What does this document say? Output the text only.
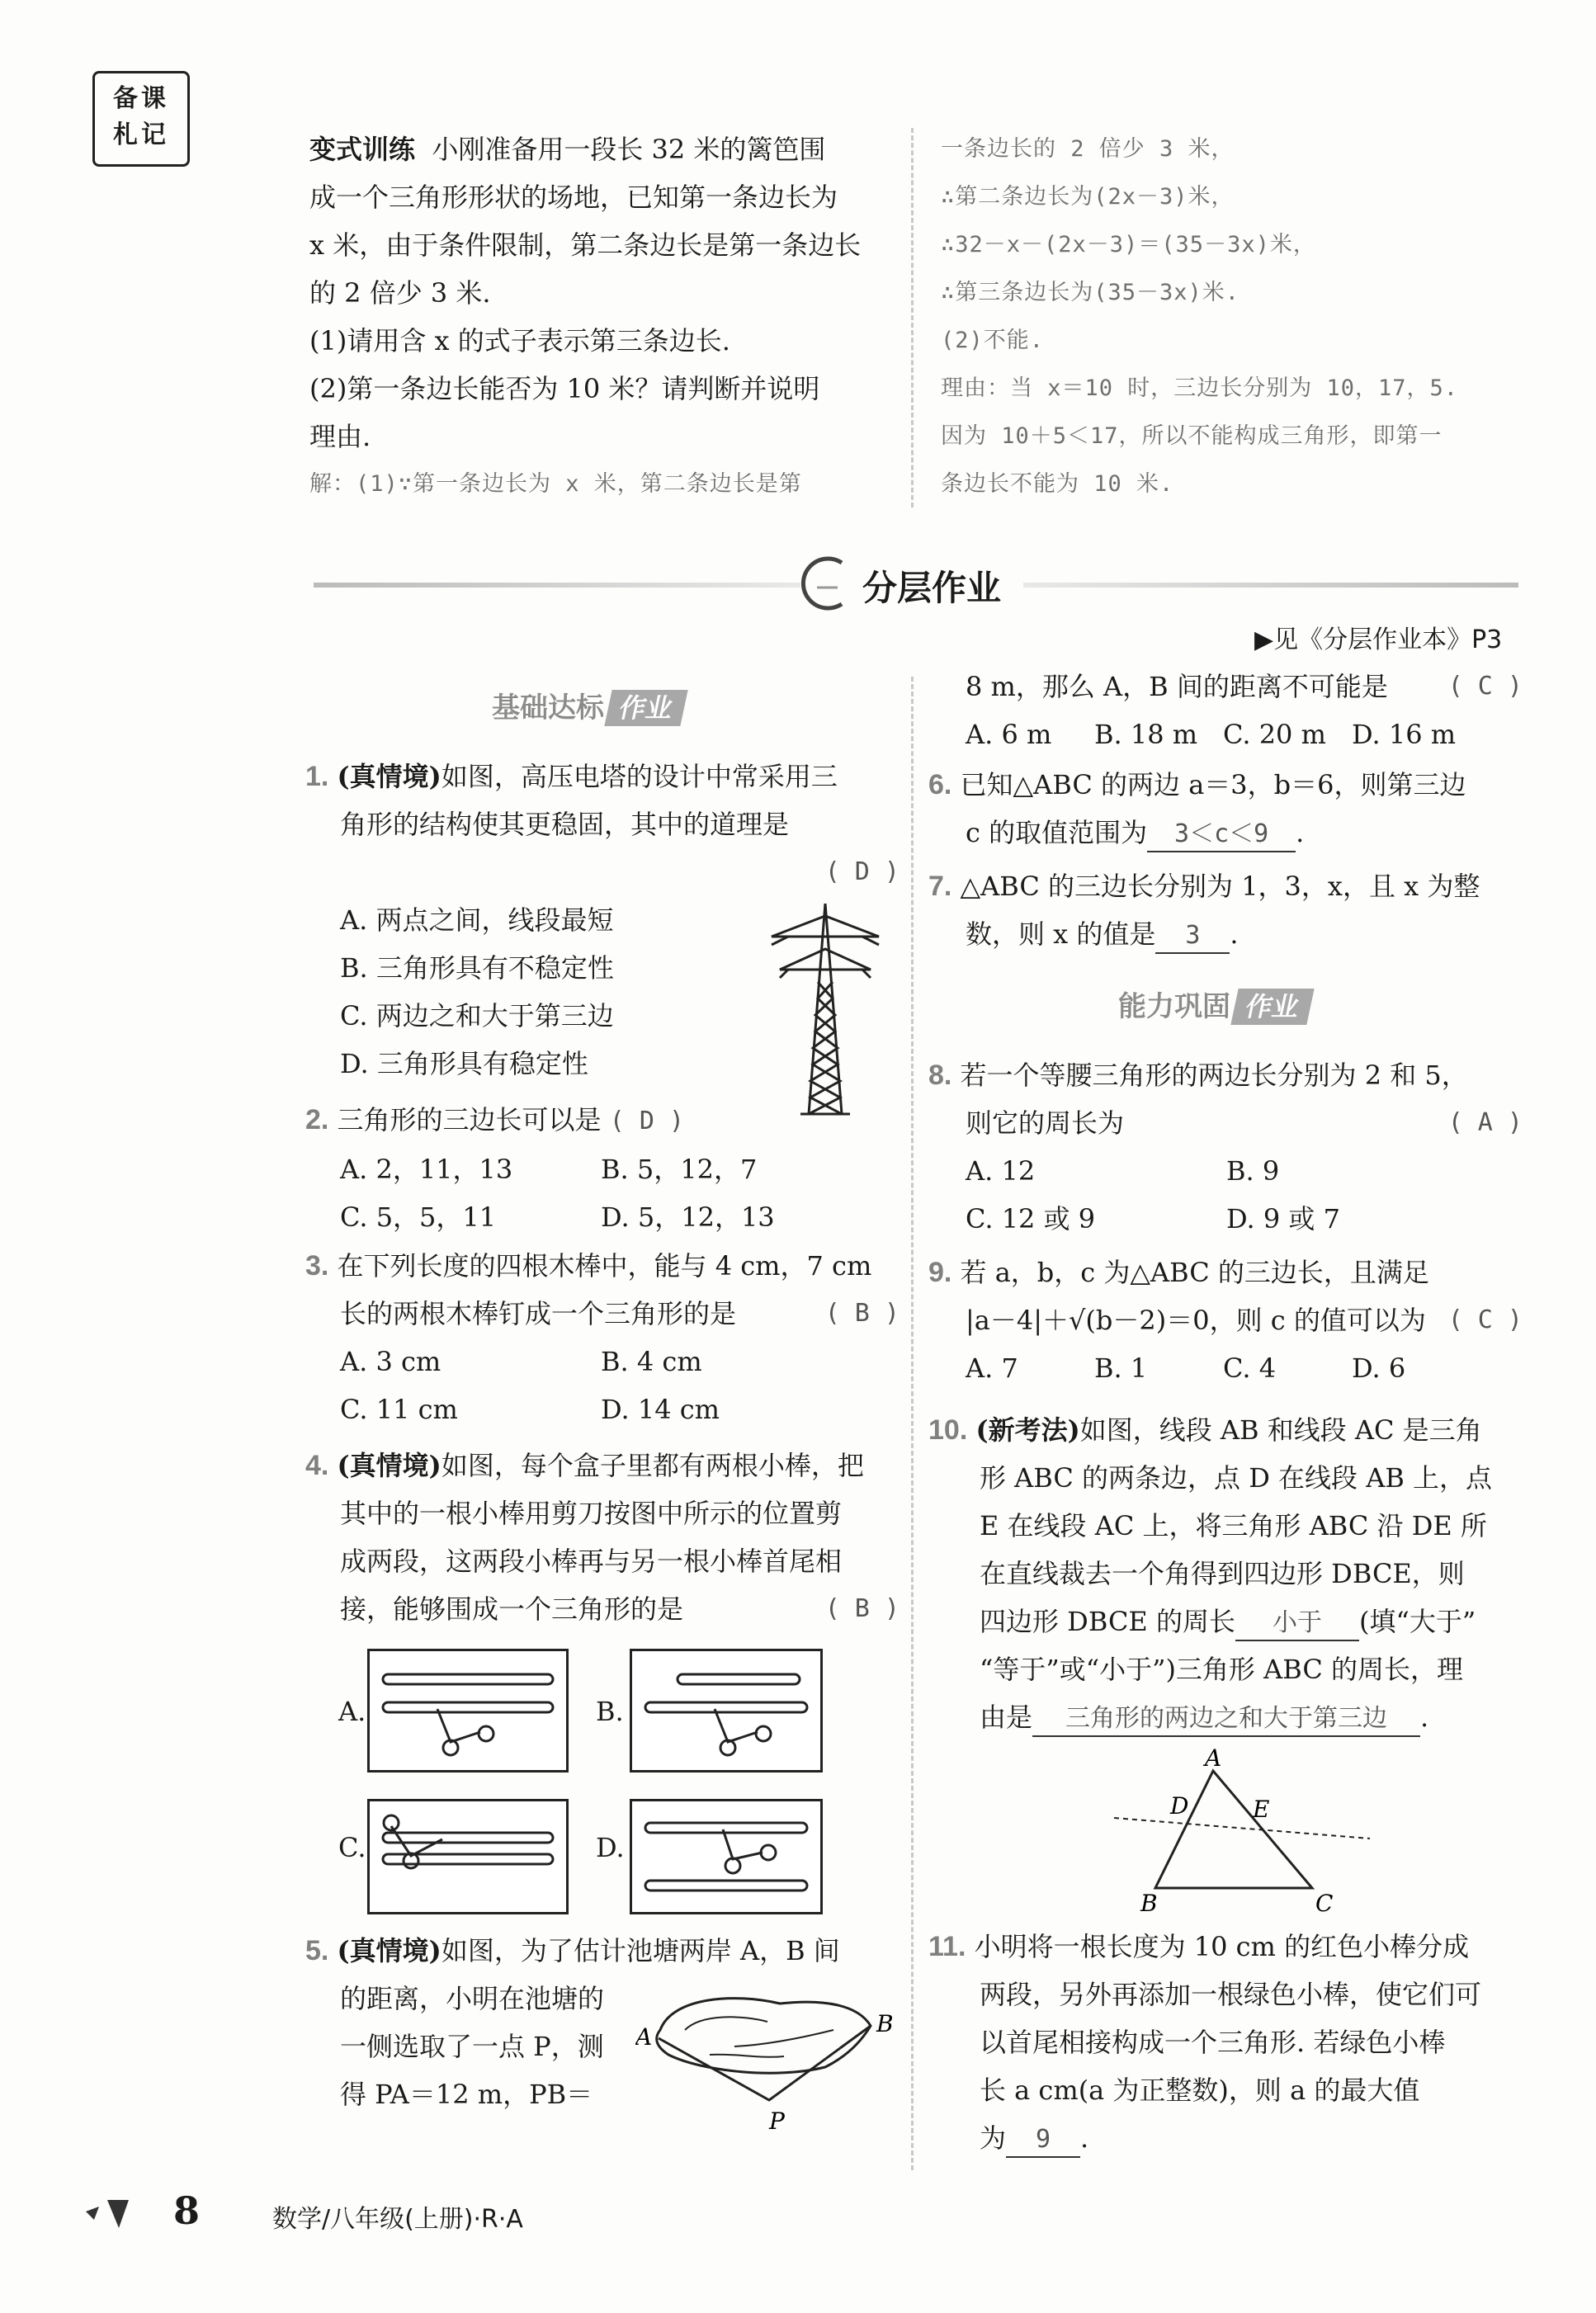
备课
札记	变式训练 小刚准备用一段长 32 米的篱笆围
成一个三角形形状的场地，已知第一条边长为
x 米，由于条件限制，第二条边长是第一条边长
的 2 倍少 3 米.
(1)请用含 x 的式子表示第三条边长.
(2)第一条边长能否为 10 米？请判断并说明
理由.
解：(1)∵第一条边长为 x 米，第二条边长是第
一条边长的 2 倍少 3 米，
∴第二条边长为(2x－3)米，
∴32－x－(2x－3)＝(35－3x)米，
∴第三条边长为(35－3x)米.
(2)不能.
理由：当 x＝10 时，三边长分别为 10，17，5.
因为 10＋5＜17，所以不能构成三角形，即第一
条边长不能为 10 米.
分层作业
▶见《分层作业本》P3
基础达标 作业
1. (真情境)如图，高压电塔的设计中常采用三
角形的结构使其更稳固，其中的道理是
( D )
A. 两点之间，线段最短
B. 三角形具有不稳定性
C. 两边之和大于第三边
D. 三角形具有稳定性
2. 三角形的三边长可以是 ( D )
A. 2，11，13	B. 5，12，7
C. 5，5，11	D. 5，12，13
3. 在下列长度的四根木棒中，能与 4 cm，7 cm
长的两根木棒钉成一个三角形的是	( B )
A. 3 cm	B. 4 cm
C. 11 cm	D. 14 cm
4. (真情境)如图，每个盒子里都有两根小棒，把
其中的一根小棒用剪刀按图中所示的位置剪
成两段，这两段小棒再与另一根小棒首尾相
接，能够围成一个三角形的是	( B )
A.	B.
C.	D.
5. (真情境)如图，为了估计池塘两岸 A，B 间
的距离，小明在池塘的
一侧选取了一点 P，测
得 PA＝12 m，PB＝
A	B
P
8 m，那么 A，B 间的距离不可能是 ( C )
A. 6 m B. 18 m C. 20 m D. 16 m
6. 已知△ABC 的两边 a＝3，b＝6，则第三边
c 的取值范围为 3＜c＜9 .
7. △ABC 的三边长分别为 1，3，x，且 x 为整
数，则 x 的值是 3 .
能力巩固 作业
8. 若一个等腰三角形的两边长分别为 2 和 5，
则它的周长为	( A )
A. 12	B. 9
C. 12 或 9	D. 9 或 7
9. 若 a，b，c 为△ABC 的三边长，且满足
|a－4|＋√(b－2)＝0，则 c 的值可以为 ( C )
A. 7	B. 1	C. 4	D. 6
10. (新考法)如图，线段 AB 和线段 AC 是三角
形 ABC 的两条边，点 D 在线段 AB 上，点
E 在线段 AC 上，将三角形 ABC 沿 DE 所
在直线裁去一个角得到四边形 DBCE，则
四边形 DBCE 的周长 小于 (填“大于”
“等于”或“小于”)三角形 ABC 的周长，理
由是 三角形的两边之和大于第三边 .
A
D	E
B	C
11. 小明将一根长度为 10 cm 的红色小棒分成
两段，另外再添加一根绿色小棒，使它们可
以首尾相接构成一个三角形. 若绿色小棒
长 a cm(a 为正整数)，则 a 的最大值
为 9 .
8	数学/八年级(上册)·R·A
